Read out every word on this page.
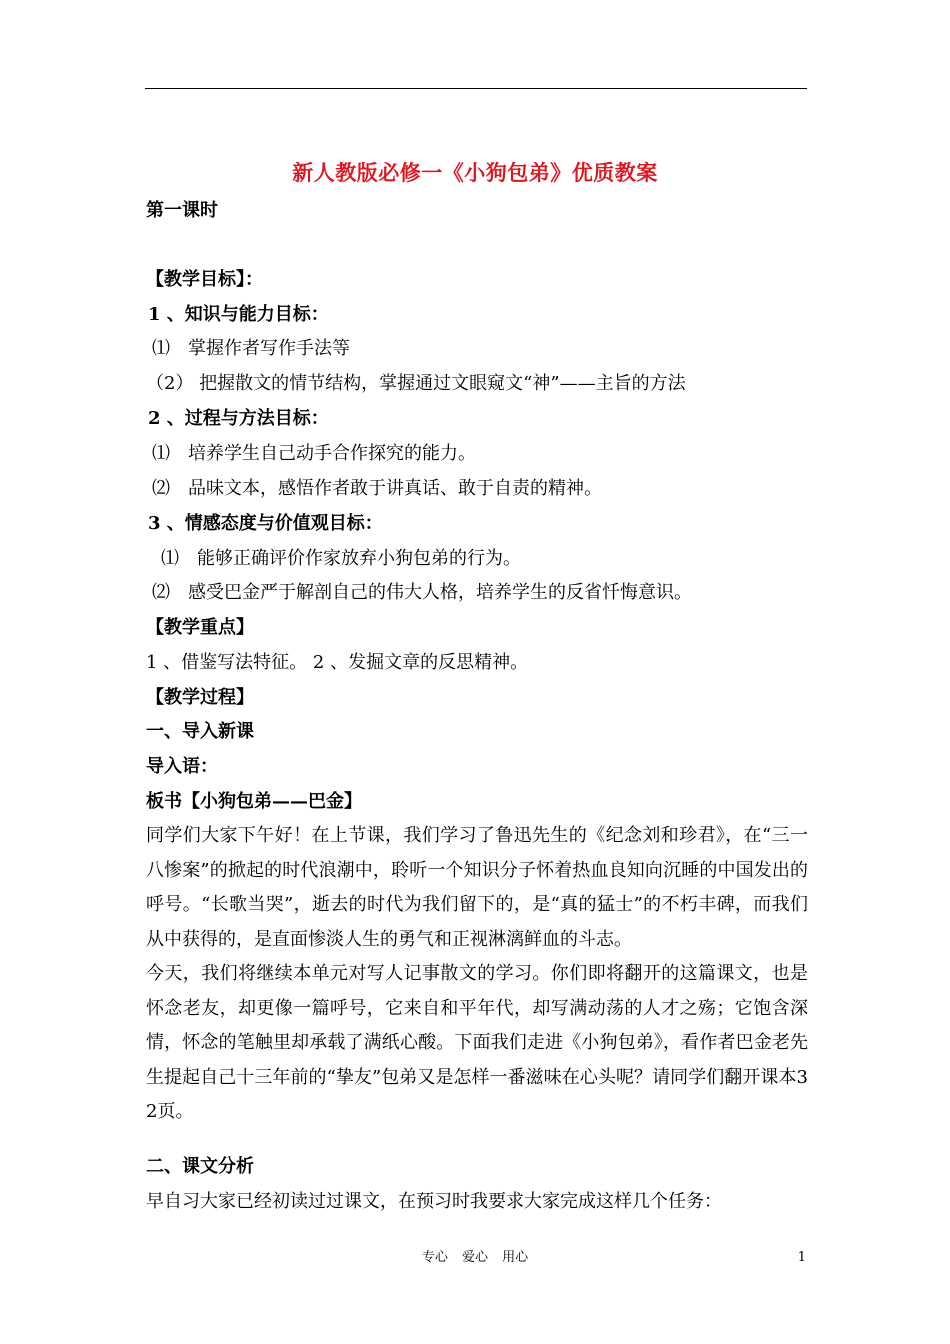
新人教版必修一《小狗包弟》优质教案
第一课时
【教学目标】：
1 、知识与能力目标：
⑴　掌握作者写作手法等
（2） 把握散文的情节结构，掌握通过文眼窥文“神”——主旨的方法
2 、过程与方法目标：
⑴　培养学生自己动手合作探究的能力。
⑵　品味文本，感悟作者敢于讲真话、敢于自责的精神。
3 、情感态度与价值观目标：
⑴　能够正确评价作家放弃小狗包弟的行为。
⑵　感受巴金严于解剖自己的伟大人格，培养学生的反省忏悔意识。
【教学重点】
1 、借鉴写法特征。 2 、发掘文章的反思精神。
【教学过程】
一、导入新课
导入语：
板书【小狗包弟——巴金】
同学们大家下午好！在上节课，我们学习了鲁迅先生的《纪念刘和珍君》，在“三一八惨案”的掀起的时代浪潮中，聆听一个知识分子怀着热血良知向沉睡的中国发出的呼号。“长歌当哭”，逝去的时代为我们留下的，是“真的猛士”的不朽丰碑，而我们从中获得的，是直面惨淡人生的勇气和正视淋漓鲜血的斗志。
今天，我们将继续本单元对写人记事散文的学习。你们即将翻开的这篇课文，也是怀念老友，却更像一篇呼号，它来自和平年代，却写满动荡的人才之殇；它饱含深情，怀念的笔触里却承载了满纸心酸。下面我们走进《小狗包弟》，看作者巴金老先生提起自己十三年前的“挚友”包弟又是怎样一番滋味在心头呢？请同学们翻开课本32页。
二、课文分析
早自习大家已经初读过过课文，在预习时我要求大家完成这样几个任务：
专心 爱心 用心	1
